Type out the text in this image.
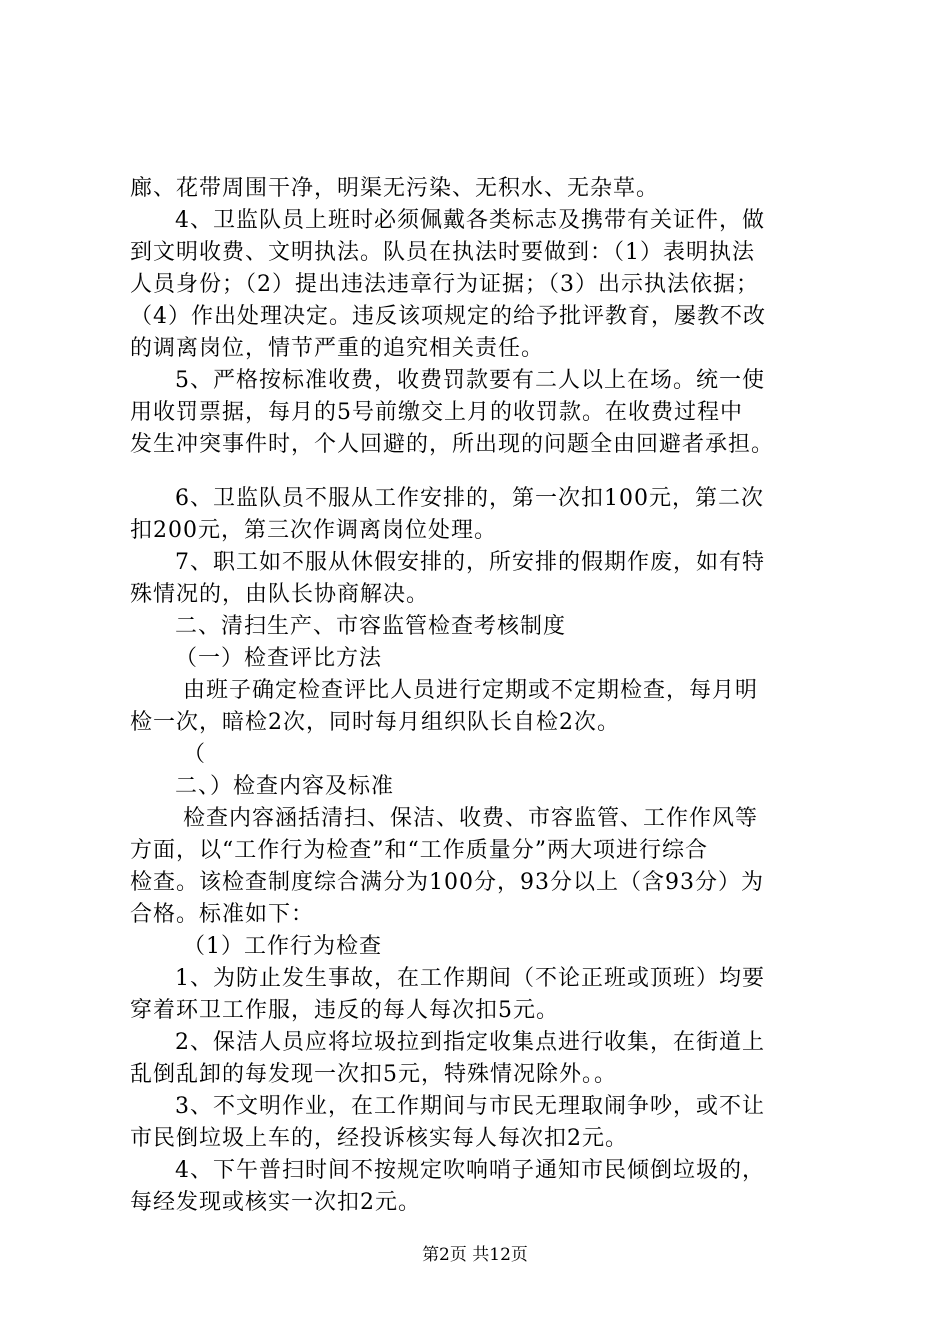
廊、花带周围干净，明渠无污染、无积水、无杂草。
4、卫监队员上班时必须佩戴各类标志及携带有关证件，做
到文明收费、文明执法。队员在执法时要做到：（1）表明执法
人员身份；（2）提出违法违章行为证据；（3）出示执法依据；
（4）作出处理决定。违反该项规定的给予批评教育，屡教不改
的调离岗位，情节严重的追究相关责任。
5、严格按标准收费，收费罚款要有二人以上在场。统一使
用收罚票据，每月的5号前缴交上月的收罚款。在收费过程中
发生冲突事件时，个人回避的，所出现的问题全由回避者承担。
6、卫监队员不服从工作安排的，第一次扣100元，第二次
扣200元，第三次作调离岗位处理。
7、职工如不服从休假安排的，所安排的假期作废，如有特
殊情况的，由队长协商解决。
二、清扫生产、市容监管检查考核制度
（一）检查评比方法
由班子确定检查评比人员进行定期或不定期检查，每月明
检一次，暗检2次，同时每月组织队长自检2次。
（
二、）检查内容及标准
检查内容涵括清扫、保洁、收费、市容监管、工作作风等
方面，以“工作行为检查”和“工作质量分”两大项进行综合
检查。该检查制度综合满分为100分，93分以上（含93分）为
合格。标准如下：
（1）工作行为检查
1、为防止发生事故，在工作期间（不论正班或顶班）均要
穿着环卫工作服，违反的每人每次扣5元。
2、保洁人员应将垃圾拉到指定收集点进行收集，在街道上
乱倒乱卸的每发现一次扣5元，特殊情况除外。。
3、不文明作业，在工作期间与市民无理取闹争吵，或不让
市民倒垃圾上车的，经投诉核实每人每次扣2元。
4、下午普扫时间不按规定吹响哨子通知市民倾倒垃圾的，
每经发现或核实一次扣2元。
第2页 共12页
